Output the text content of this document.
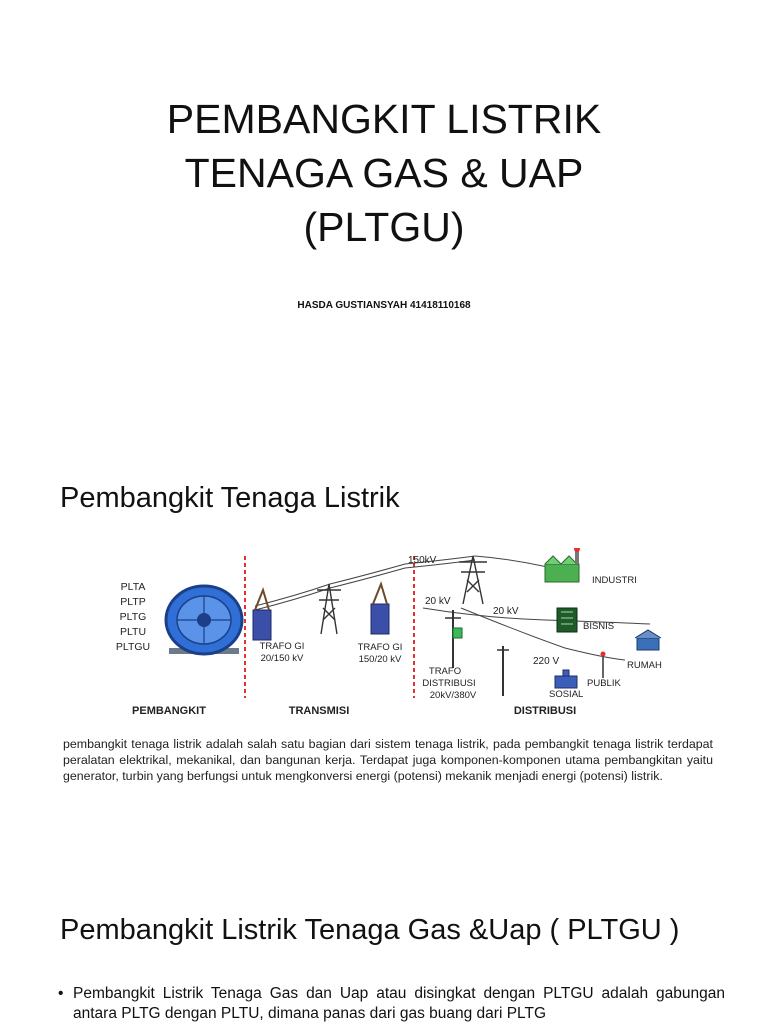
PEMBANGKIT LISTRIK
TENAGA GAS & UAP
(PLTGU)
HASDA GUSTIANSYAH 41418110168
Pembangkit Tenaga Listrik
PLTA
PLTP
PLTG
PLTU
PLTGU	TRAFO GI
20/150 kV
TRAFO GI
150/20 kV
150kV
20 kV
20 kV
220 V
TRAFO
DISTRIBUSI
20kV/380V
INDUSTRI
BISNIS
RUMAH
PUBLIK
SOSIAL
PEMBANGKIT	TRANSMISI	DISTRIBUSI

pembangkit tenaga listrik adalah salah satu bagian dari sistem tenaga listrik, pada pembangkit tenaga listrik terdapat peralatan elektrikal, mekanikal, dan bangunan kerja. Terdapat juga komponen-komponen utama pembangkitan yaitu generator, turbin yang berfungsi untuk mengkonversi energi (potensi) mekanik menjadi energi (potensi) listrik.

Pembangkit Listrik Tenaga Gas &Uap ( PLTGU )

• Pembangkit Listrik Tenaga Gas dan Uap atau disingkat dengan PLTGU adalah gabungan antara PLTG dengan PLTU, dimana panas dari gas buang dari PLTG
